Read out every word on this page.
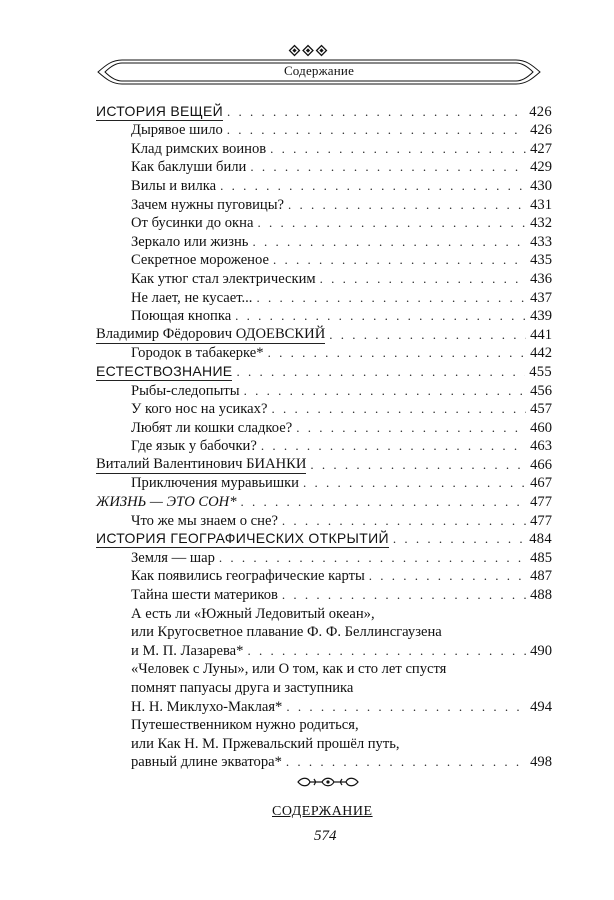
Содержание
ИСТОРИЯ ВЕЩЕЙ . . .	426
Дырявое шило . . .	426
Клад римских воинов . . .	427
Как баклуши били . . .	429
Вилы и вилка . . .	430
Зачем нужны пуговицы? . . .	431
От бусинки до окна . . .	432
Зеркало или жизнь . . .	433
Секретное мороженое . . .	435
Как утюг стал электрическим . . .	436
Не лает, не кусает... . . .	437
Поющая кнопка . . .	439
Владимир Фёдорович ОДОЕВСКИЙ . . .	441
Городок в табакерке* . . .	442
ЕСТЕСТВОЗНАНИЕ . . .	455
Рыбы-следопыты . . .	456
У кого нос на усиках? . . .	457
Любят ли кошки сладкое? . . .	460
Где язык у бабочки? . . .	463
Виталий Валентинович БИАНКИ . . .	466
Приключения муравьишки . . .	467
ЖИЗНЬ — ЭТО СОН* . . .	477
Что же мы знаем о сне? . . .	477
ИСТОРИЯ ГЕОГРАФИЧЕСКИХ ОТКРЫТИЙ . . .	484
Земля — шар . . .	485
Как появились географические карты . . .	487
Тайна шести материков . . .	488
А есть ли «Южный Ледовитый океан»,
или Кругосветное плавание Ф. Ф. Беллинсгаузена
и М. П. Лазарева* . . .	490
«Человек с Луны», или О том, как и сто лет спустя
помнят папуасы друга и заступника
Н. Н. Миклухо-Маклая* . . .	494
Путешественником нужно родиться,
или Как Н. М. Пржевальский прошёл путь,
равный длине экватора* . . .	498
СОДЕРЖАНИЕ
574
